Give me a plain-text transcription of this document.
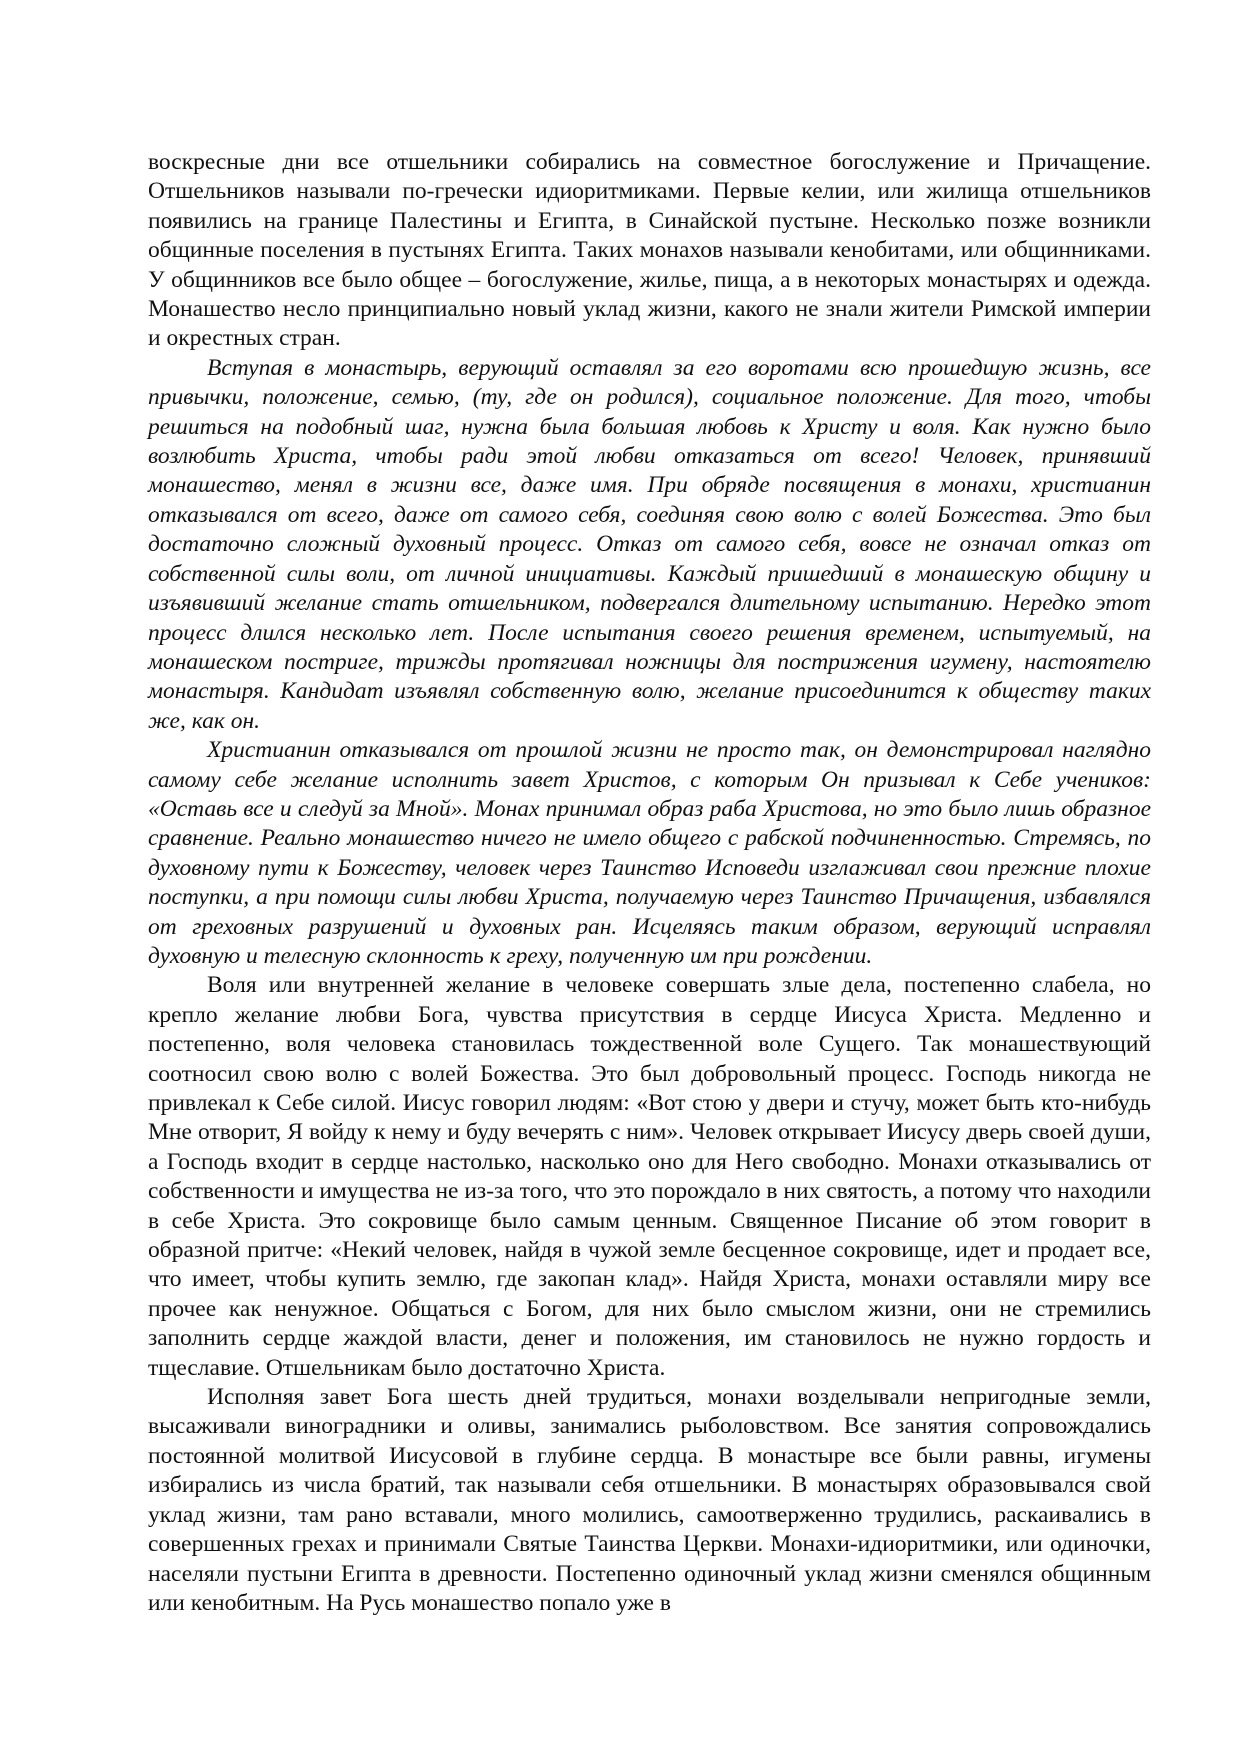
воскресные дни все отшельники собирались на совместное богослужение и Причащение. Отшельников называли по-гречески идиоритмиками. Первые келии, или жилища отшельников появились на границе Палестины и Египта, в Синайской пустыне. Несколько позже возникли общинные поселения в пустынях Египта. Таких монахов называли кенобитами, или общинниками. У общинников все было общее – богослужение, жилье, пища, а в некоторых монастырях и одежда. Монашество несло принципиально новый уклад жизни, какого не знали жители Римской империи и окрестных стран.

Вступая в монастырь, верующий оставлял за его воротами всю прошедшую жизнь, все привычки, положение, семью, (ту, где он родился), социальное положение. Для того, чтобы решиться на подобный шаг, нужна была большая любовь к Христу и воля. Как нужно было возлюбить Христа, чтобы ради этой любви отказаться от всего! Человек, принявший монашество, менял в жизни все, даже имя. При обряде посвящения в монахи, христианин отказывался от всего, даже от самого себя, соединяя свою волю с волей Божества. Это был достаточно сложный духовный процесс. Отказ от самого себя, вовсе не означал отказ от собственной силы воли, от личной инициативы. Каждый пришедший в монашескую общину и изъявивший желание стать отшельником, подвергался длительному испытанию. Нередко этот процесс длился несколько лет. После испытания своего решения временем, испытуемый, на монашеском постриге, трижды протягивал ножницы для пострижения игумену, настоятелю монастыря. Кандидат изъявлял собственную волю, желание присоединится к обществу таких же, как он.

Христианин отказывался от прошлой жизни не просто так, он демонстрировал наглядно самому себе желание исполнить завет Христов, с которым Он призывал к Себе учеников: «Оставь все и следуй за Мной». Монах принимал образ раба Христова, но это было лишь образное сравнение. Реально монашество ничего не имело общего с рабской подчиненностью. Стремясь, по духовному пути к Божеству, человек через Таинство Исповеди изглаживал свои прежние плохие поступки, а при помощи силы любви Христа, получаемую через Таинство Причащения, избавлялся от греховных разрушений и духовных ран. Исцеляясь таким образом, верующий исправлял духовную и телесную склонность к греху, полученную им при рождении.

Воля или внутренней желание в человеке совершать злые дела, постепенно слабела, но крепло желание любви Бога, чувства присутствия в сердце Иисуса Христа. Медленно и постепенно, воля человека становилась тождественной воле Сущего. Так монашествующий соотносил свою волю с волей Божества. Это был добровольный процесс. Господь никогда не привлекал к Себе силой. Иисус говорил людям: «Вот стою у двери и стучу, может быть кто-нибудь Мне отворит, Я войду к нему и буду вечерять с ним». Человек открывает Иисусу дверь своей души, а Господь входит в сердце настолько, насколько оно для Него свободно. Монахи отказывались от собственности и имущества не из-за того, что это порождало в них святость, а потому что находили в себе Христа. Это сокровище было самым ценным. Священное Писание об этом говорит в образной притче: «Некий человек, найдя в чужой земле бесценное сокровище, идет и продает все, что имеет, чтобы купить землю, где закопан клад». Найдя Христа, монахи оставляли миру все прочее как ненужное. Общаться с Богом, для них было смыслом жизни, они не стремились заполнить сердце жаждой власти, денег и положения, им становилось не нужно гордость и тщеславие. Отшельникам было достаточно Христа.

Исполняя завет Бога шесть дней трудиться, монахи возделывали непригодные земли, высаживали виноградники и оливы, занимались рыболовством. Все занятия сопровождались постоянной молитвой Иисусовой в глубине сердца. В монастыре все были равны, игумены избирались из числа братий, так называли себя отшельники. В монастырях образовывался свой уклад жизни, там рано вставали, много молились, самоотверженно трудились, раскаивались в совершенных грехах и принимали Святые Таинства Церкви. Монахи-идиоритмики, или одиночки, населяли пустыни Египта в древности. Постепенно одиночный уклад жизни сменялся общинным или кенобитным. На Русь монашество попало уже в
